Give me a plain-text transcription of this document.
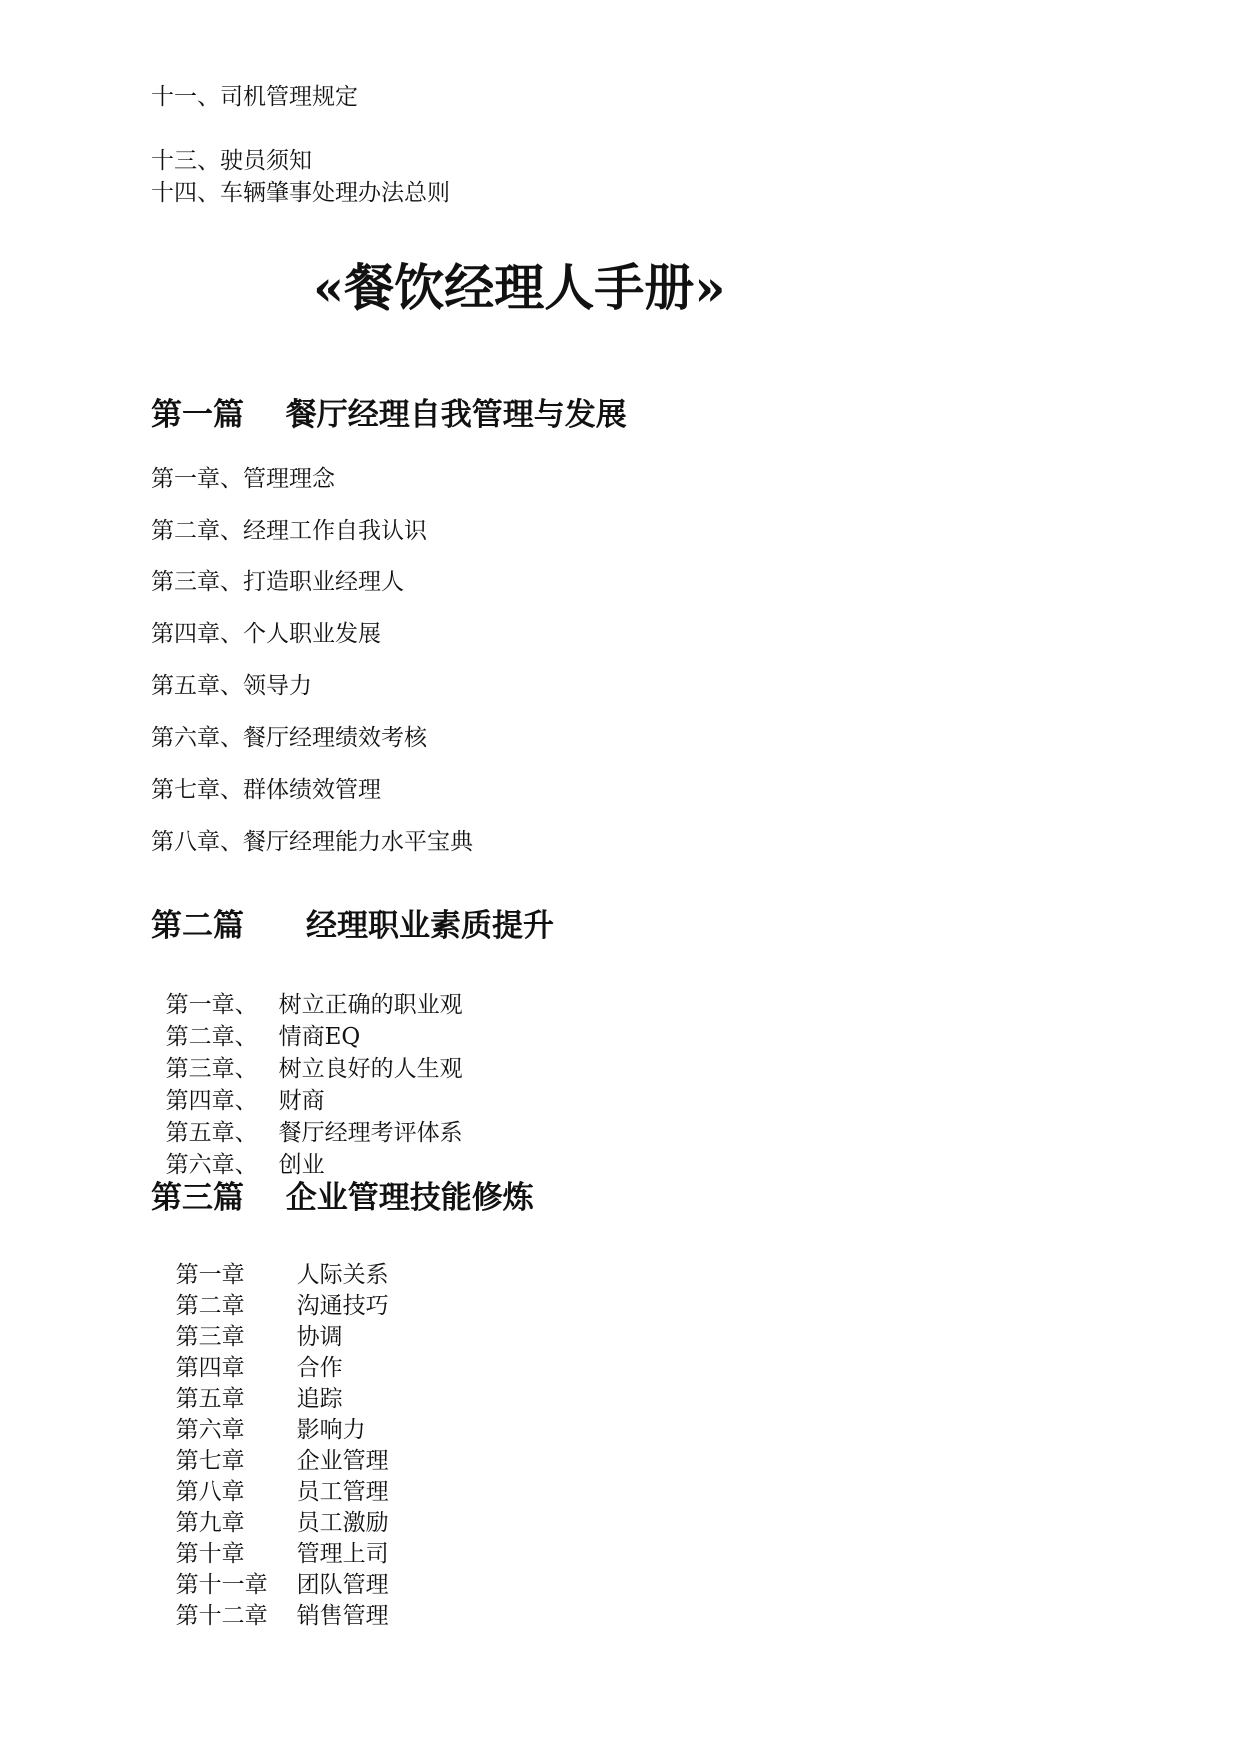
十一、司机管理规定
十三、驶员须知
十四、车辆肇事处理办法总则
«餐饮经理人手册»
第一篇　 餐厅经理自我管理与发展
第一章、管理理念
第二章、经理工作自我认识
第三章、打造职业经理人
第四章、个人职业发展
第五章、领导力
第六章、餐厅经理绩效考核
第七章、群体绩效管理
第八章、餐厅经理能力水平宝典
第二篇　　经理职业素质提升

第一章、 树立正确的职业观

第二章、 情商EQ

第三章、 树立良好的人生观

第四章、 财商

第五章、 餐厅经理考评体系

第六章、 创业

第三篇　 企业管理技能修炼

第一章 人际关系

第二章 沟通技巧

第三章 协调

第四章 合作

第五章 追踪

第六章 影响力

第七章 企业管理

第八章 员工管理

第九章 员工激励

第十章 管理上司

第十一章 团队管理

第十二章 销售管理
